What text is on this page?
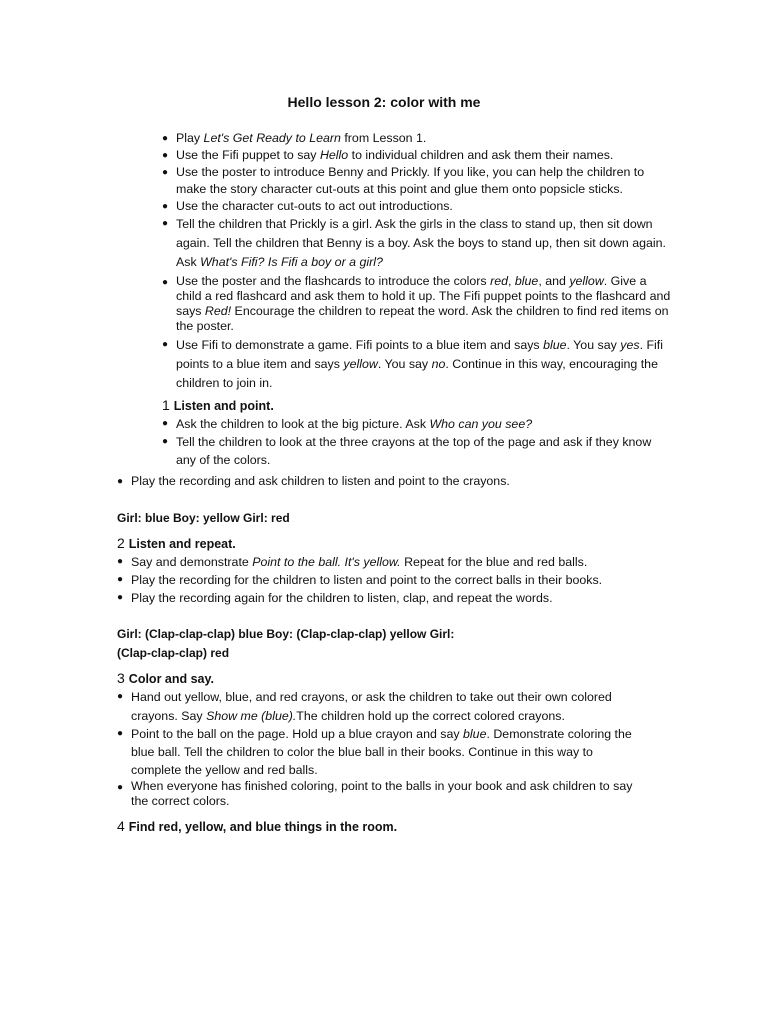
Hello lesson 2: color with me
● Play Let's Get Ready to Learn from Lesson 1.
● Use the Fifi puppet to say Hello to individual children and ask them their names.
● Use the poster to introduce Benny and Prickly. If you like, you can help the children to make the story character cut-outs at this point and glue them onto popsicle sticks.
● Use the character cut-outs to act out introductions.
● Tell the children that Prickly is a girl. Ask the girls in the class to stand up, then sit down again. Tell the children that Benny is a boy. Ask the boys to stand up, then sit down again. Ask What's Fifi? Is Fifi a boy or a girl?
● Use the poster and the flashcards to introduce the colors red, blue, and yellow. Give a child a red flashcard and ask them to hold it up. The Fifi puppet points to the flashcard and says Red! Encourage the children to repeat the word. Ask the children to find red items on the poster.
● Use Fifi to demonstrate a game. Fifi points to a blue item and says blue. You say yes. Fifi points to a blue item and says yellow. You say no. Continue in this way, encouraging the children to join in.
1 Listen and point.
● Ask the children to look at the big picture. Ask Who can you see?
● Tell the children to look at the three crayons at the top of the page and ask if they know any of the colors.
● Play the recording and ask children to listen and point to the crayons.
Girl: blue Boy: yellow Girl: red
2 Listen and repeat.
● Say and demonstrate Point to the ball. It's yellow. Repeat for the blue and red balls.
● Play the recording for the children to listen and point to the correct balls in their books.
● Play the recording again for the children to listen, clap, and repeat the words.
Girl: (Clap-clap-clap) blue Boy: (Clap-clap-clap) yellow Girl:
(Clap-clap-clap) red
3 Color and say.
● Hand out yellow, blue, and red crayons, or ask the children to take out their own colored crayons. Say Show me (blue).The children hold up the correct colored crayons.
● Point to the ball on the page. Hold up a blue crayon and say blue. Demonstrate coloring the blue ball. Tell the children to color the blue ball in their books. Continue in this way to complete the yellow and red balls.
● When everyone has finished coloring, point to the balls in your book and ask children to say the correct colors.
4 Find red, yellow, and blue things in the room.
